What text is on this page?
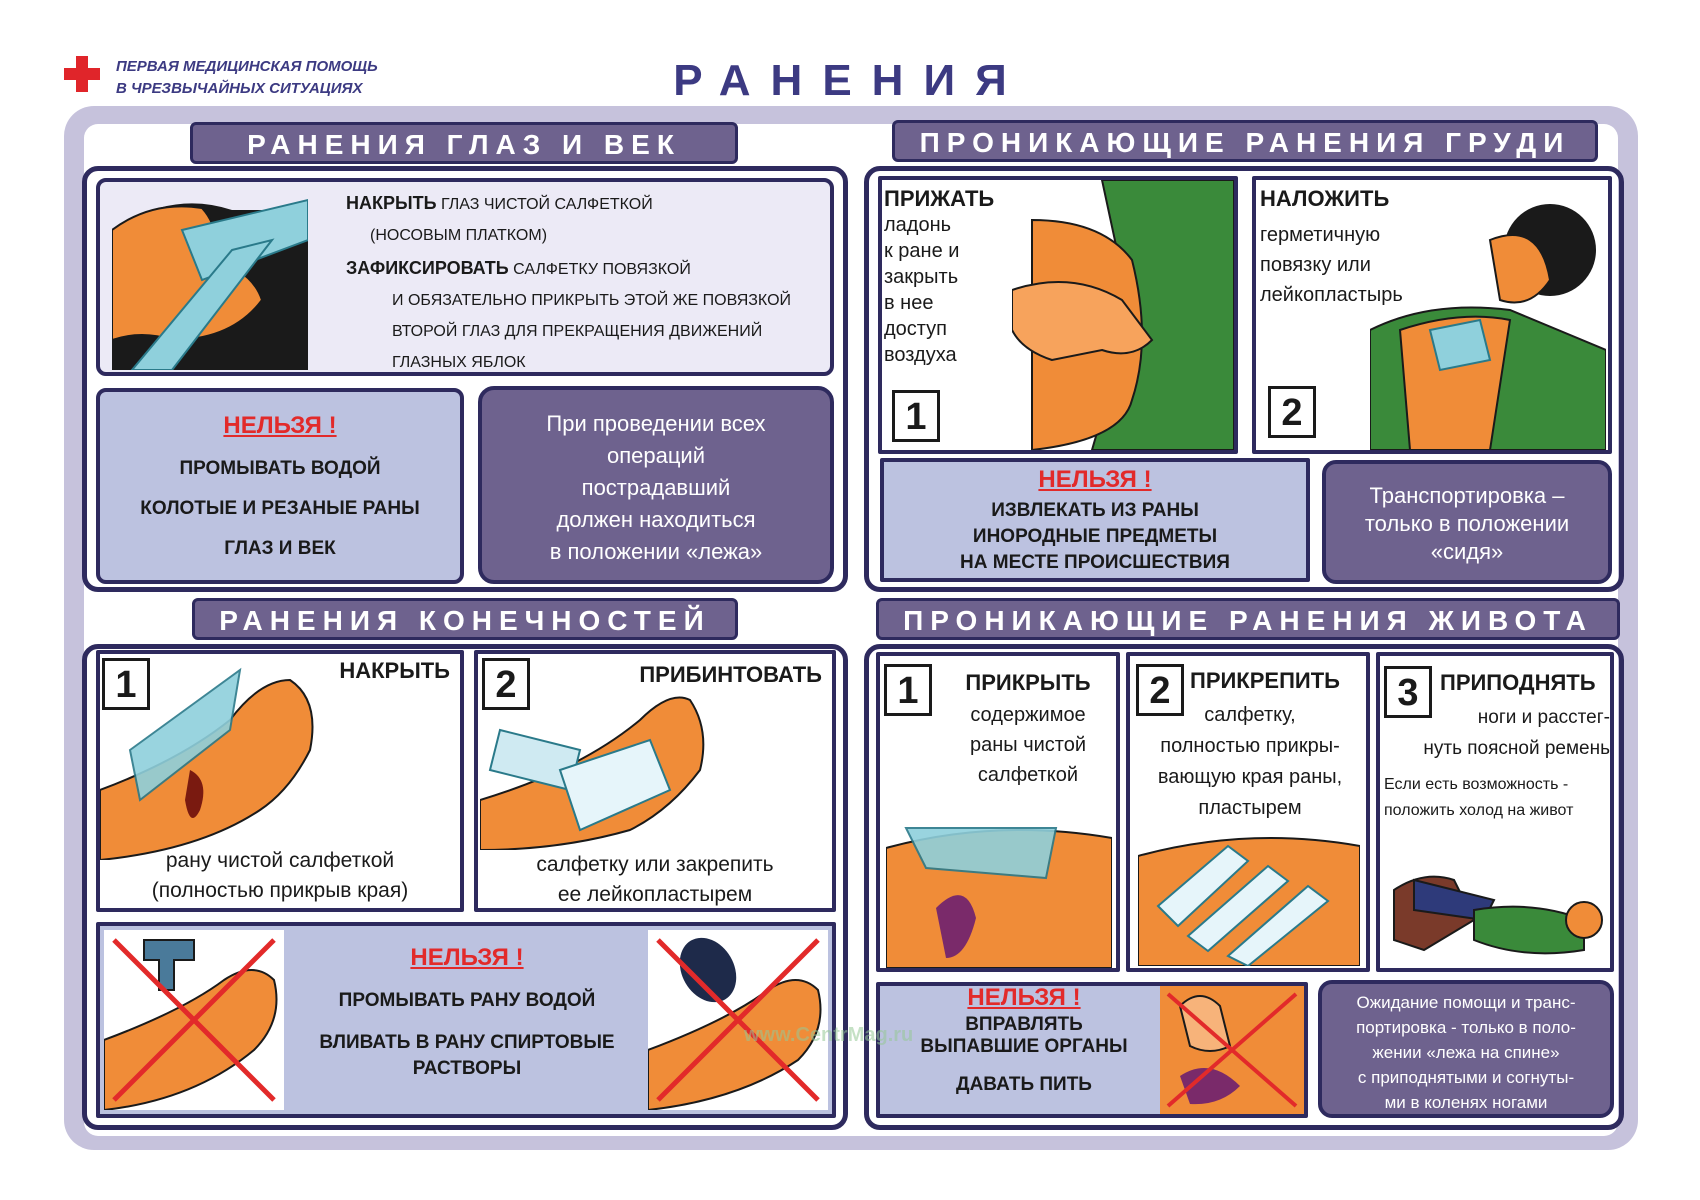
ПЕРВАЯ МЕДИЦИНСКАЯ ПОМОЩЬ
В ЧРЕЗВЫЧАЙНЫХ СИТУАЦИЯХ	РАНЕНИЯ
РАНЕНИЯ ГЛАЗ И ВЕК
НАКРЫТЬ ГЛАЗ ЧИСТОЙ САЛФЕТКОЙ
(НОСОВЫМ ПЛАТКОМ)
ЗАФИКСИРОВАТЬ САЛФЕТКУ ПОВЯЗКОЙ
И ОБЯЗАТЕЛЬНО ПРИКРЫТЬ ЭТОЙ ЖЕ ПОВЯЗКОЙ
ВТОРОЙ ГЛАЗ ДЛЯ ПРЕКРАЩЕНИЯ ДВИЖЕНИЙ
ГЛАЗНЫХ ЯБЛОК
НЕЛЬЗЯ !
ПРОМЫВАТЬ ВОДОЙ
КОЛОТЫЕ И РЕЗАНЫЕ РАНЫ
ГЛАЗ И ВЕК
При проведении всех
операций
пострадавший
должен находиться
в положении «лежа»
ПРОНИКАЮЩИЕ РАНЕНИЯ ГРУДИ
ПРИЖАТЬ
ладонь
к ране и
закрыть
в нее
доступ
воздуха
1
НАЛОЖИТЬ
герметичную
повязку или
лейкопластырь
2
НЕЛЬЗЯ !
ИЗВЛЕКАТЬ ИЗ РАНЫ
ИНОРОДНЫЕ ПРЕДМЕТЫ
НА МЕСТЕ ПРОИСШЕСТВИЯ
Транспортировка –
только в положении
«сидя»
РАНЕНИЯ КОНЕЧНОСТЕЙ
1	НАКРЫТЬ
рану чистой салфеткой
(полностью прикрыв края)
2	ПРИБИНТОВАТЬ
салфетку или закрепить
ее лейкопластырем
НЕЛЬЗЯ !
ПРОМЫВАТЬ РАНУ ВОДОЙ
ВЛИВАТЬ В РАНУ СПИРТОВЫЕ
РАСТВОРЫ
ПРОНИКАЮЩИЕ РАНЕНИЯ ЖИВОТА
1	ПРИКРЫТЬ
содержимое
раны чистой
салфеткой
2 ПРИКРЕПИТЬ
салфетку,
полностью прикры-
вающую края раны,
пластырем
3 ПРИПОДНЯТЬ
ноги и расстег-
нуть поясной ремень
Если есть возможность -
положить холод на живот
НЕЛЬЗЯ !
ВПРАВЛЯТЬ
ВЫПАВШИЕ ОРГАНЫ
ДАВАТЬ ПИТЬ
Ожидание помощи и транс-
портировка - только в поло-
жении «лежа на спине»
с приподнятыми и согнуты-
ми в коленях ногами
www.CentrMag.ru
